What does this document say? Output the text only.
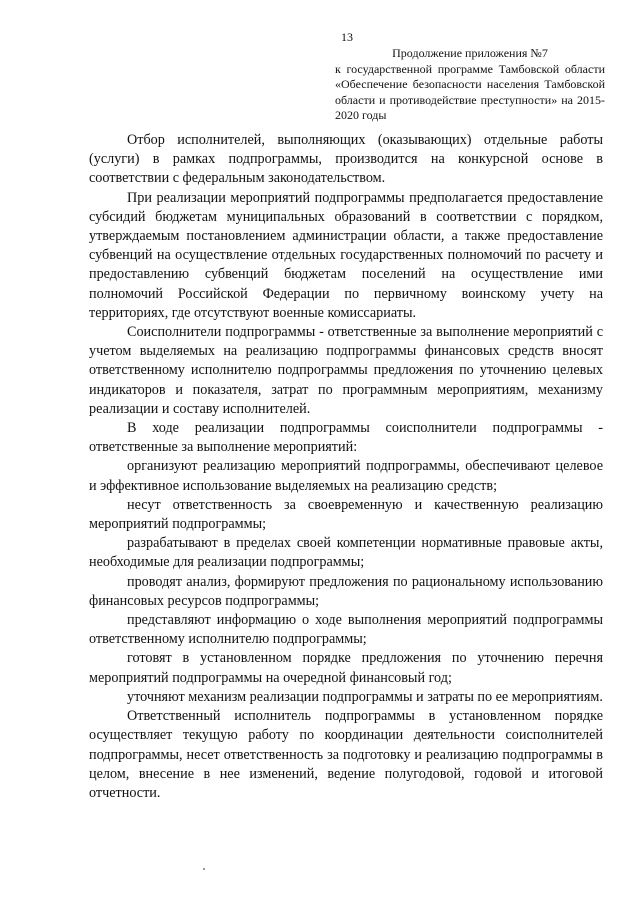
13
Продолжение приложения №7
к государственной программе Тамбовской области «Обеспечение безопасности населения Тамбовской области и противодействие преступности» на 2015-2020 годы

Отбор исполнителей, выполняющих (оказывающих) отдельные работы (услуги) в рамках подпрограммы, производится на конкурсной основе в соответствии с федеральным законодательством.

При реализации мероприятий подпрограммы предполагается предоставление субсидий бюджетам муниципальных образований в соответствии с порядком, утверждаемым постановлением администрации области, а также предоставление субвенций на осуществление отдельных государственных полномочий по расчету и предоставлению субвенций бюджетам поселений на осуществление ими полномочий Российской Федерации по первичному воинскому учету на территориях, где отсутствуют военные комиссариаты.

Соисполнители подпрограммы - ответственные за выполнение мероприятий с учетом выделяемых на реализацию подпрограммы финансовых средств вносят ответственному исполнителю подпрограммы предложения по уточнению целевых индикаторов и показателя, затрат по программным мероприятиям, механизму реализации и составу исполнителей.

В ходе реализации подпрограммы соисполнители подпрограммы - ответственные за выполнение мероприятий:

организуют реализацию мероприятий подпрограммы, обеспечивают целевое и эффективное использование выделяемых на реализацию средств;

несут ответственность за своевременную и качественную реализацию мероприятий подпрограммы;

разрабатывают в пределах своей компетенции нормативные правовые акты, необходимые для реализации подпрограммы;

проводят анализ, формируют предложения по рациональному использованию финансовых ресурсов подпрограммы;

представляют информацию о ходе выполнения мероприятий подпрограммы ответственному исполнителю подпрограммы;

готовят в установленном порядке предложения по уточнению перечня мероприятий подпрограммы на очередной финансовый год;

уточняют механизм реализации подпрограммы и затраты по ее мероприятиям.

Ответственный исполнитель подпрограммы в установленном порядке осуществляет текущую работу по координации деятельности соисполнителей подпрограммы, несет ответственность за подготовку и реализацию подпрограммы в целом, внесение в нее изменений, ведение полугодовой, годовой и итоговой отчетности.
